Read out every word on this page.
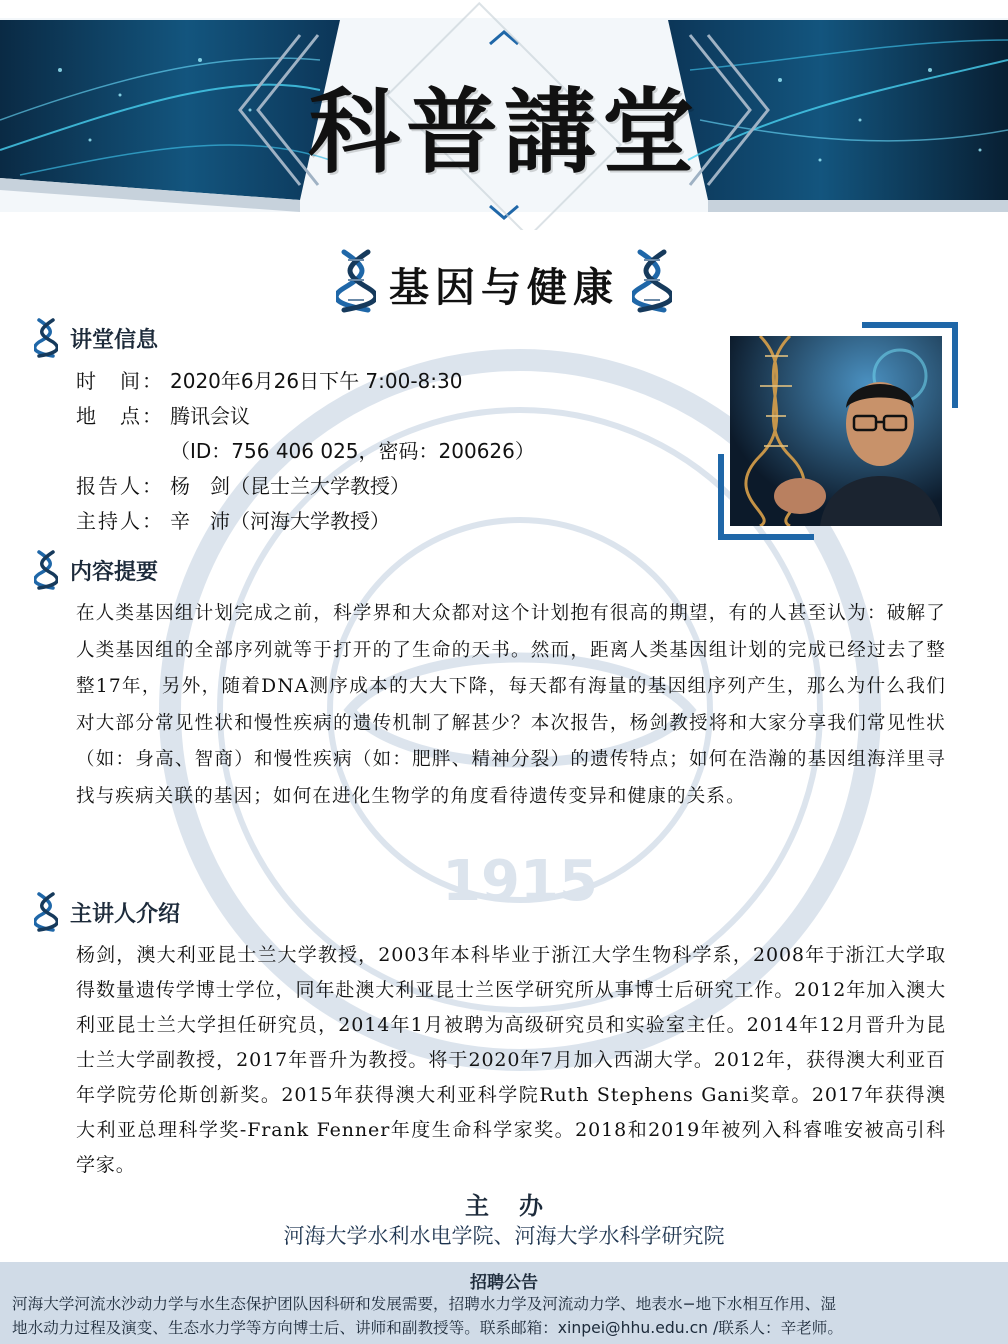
科普講堂
1915
基因与健康
讲堂信息
时　间： 2020年6月26日下午 7:00-8:30
地　点： 腾讯会议
（ID：756 406 025，密码：200626）
报告人： 杨　剑（昆士兰大学教授）
主持人： 辛　沛（河海大学教授）
内容提要
在人类基因组计划完成之前，科学界和大众都对这个计划抱有很高的期望，有的人甚至认为：破解了人类基因组的全部序列就等于打开的了生命的天书。然而，距离人类基因组计划的完成已经过去了整整17年，另外，随着DNA测序成本的大大下降，每天都有海量的基因组序列产生，那么为什么我们对大部分常见性状和慢性疾病的遗传机制了解甚少？本次报告，杨剑教授将和大家分享我们常见性状（如：身高、智商）和慢性疾病（如：肥胖、精神分裂）的遗传特点；如何在浩瀚的基因组海洋里寻找与疾病关联的基因；如何在进化生物学的角度看待遗传变异和健康的关系。
主讲人介绍
杨剑，澳大利亚昆士兰大学教授，2003年本科毕业于浙江大学生物科学系，2008年于浙江大学取得数量遗传学博士学位，同年赴澳大利亚昆士兰医学研究所从事博士后研究工作。2012年加入澳大利亚昆士兰大学担任研究员，2014年1月被聘为高级研究员和实验室主任。2014年12月晋升为昆士兰大学副教授，2017年晋升为教授。将于2020年7月加入西湖大学。2012年，获得澳大利亚百年学院劳伦斯创新奖。2015年获得澳大利亚科学院Ruth Stephens Gani奖章。2017年获得澳大利亚总理科学奖-Frank Fenner年度生命科学家奖。2018和2019年被列入科睿唯安被高引科学家。
主办
河海大学水利水电学院、河海大学水科学研究院
招聘公告
河海大学河流水沙动力学与水生态保护团队因科研和发展需要，招聘水力学及河流动力学、地表水−地下水相互作用、湿
地水动力过程及演变、生态水力学等方向博士后、讲师和副教授等。联系邮箱：xinpei@hhu.edu.cn /联系人：辛老师。
